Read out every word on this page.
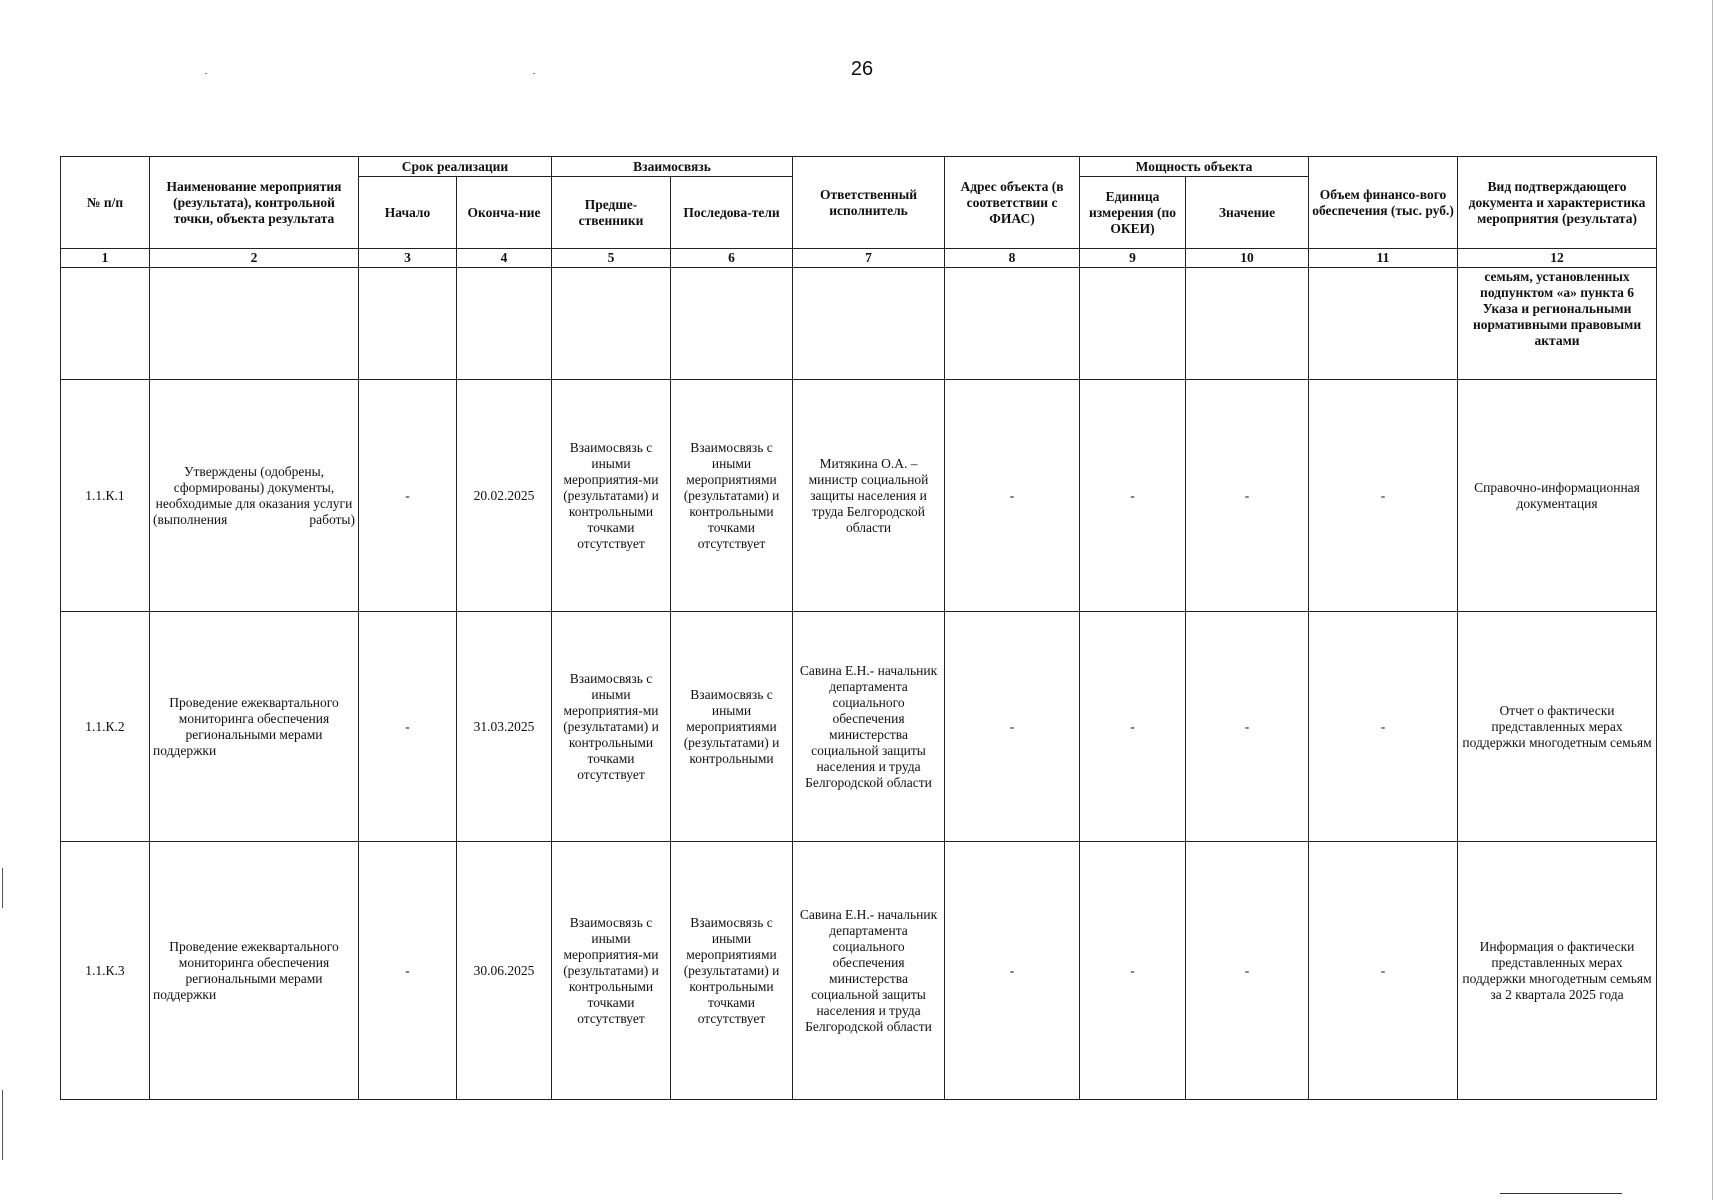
26
№ п/п	Наименование мероприятия (результата), контрольной точки, объекта результата	Срок реализации		Взаимосвязь		Ответственный исполнитель	Адрес объекта (в соответствии с ФИАС)	Мощность объекта		Объем финансо-вого обеспечения (тыс. руб.)	Вид подтверждающего документа и характеристика мероприятия (результата)
		Начало	Оконча-ние	Предше-ственники	Последова-тели			Единица измерения (по ОКЕИ)	Значение		
1	2	3	4	5	6	7	8	9	10	11	12
											семьям, установленных подпунктом «а» пункта 6 Указа и региональными нормативными правовыми актами
1.1.К.1	Утверждены (одобрены, сформированы) документы, необходимые для оказания услуги (выполнения работы)	-	20.02.2025	Взаимосвязь с иными мероприятия-ми (результатами) и контрольными точками отсутствует	Взаимосвязь с иными мероприятиями (результатами) и контрольными точками отсутствует	Митякина О.А. – министр социальной защиты населения и труда Белгородской области	-	-	-	-	Справочно-информационная документация
1.1.К.2	Проведение ежеквартального мониторинга обеспечения региональными мерами поддержки	-	31.03.2025	Взаимосвязь с иными мероприятия-ми (результатами) и контрольными точками отсутствует	Взаимосвязь с иными мероприятиями (результатами) и контрольными	Савина Е.Н.- начальник департамента социального обеспечения министерства социальной защиты населения и труда Белгородской области	-	-	-	-	Отчет о фактически представленных мерах поддержки многодетным семьям
1.1.К.3	Проведение ежеквартального мониторинга обеспечения региональными мерами поддержки	-	30.06.2025	Взаимосвязь с иными мероприятия-ми (результатами) и контрольными точками отсутствует	Взаимосвязь с иными мероприятиями (результатами) и контрольными точками отсутствует	Савина Е.Н.- начальник департамента социального обеспечения министерства социальной защиты населения и труда Белгородской области	-	-	-	-	Информация о фактически представленных мерах поддержки многодетным семьям за 2 квартала 2025 года
